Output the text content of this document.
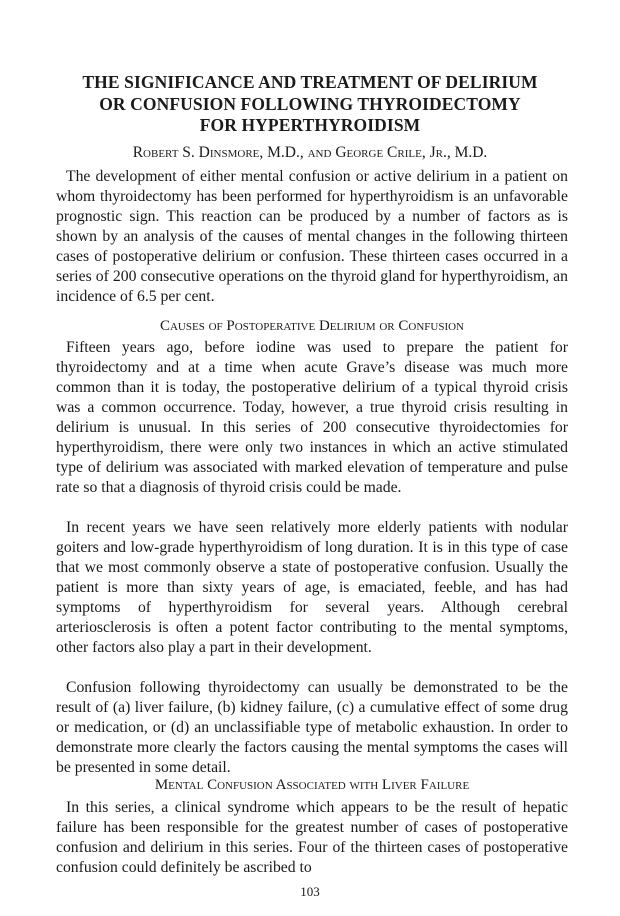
THE SIGNIFICANCE AND TREATMENT OF DELIRIUM
OR CONFUSION FOLLOWING THYROIDECTOMY
FOR HYPERTHYROIDISM
Robert S. Dinsmore, M.D., and George Crile, Jr., M.D.

The development of either mental confusion or active delirium in a patient on whom thyroidectomy has been performed for hyperthyroidism is an unfavorable prognostic sign. This reaction can be produced by a number of factors as is shown by an analysis of the causes of mental changes in the following thirteen cases of postoperative delirium or confusion. These thirteen cases occurred in a series of 200 consecutive operations on the thyroid gland for hyperthyroidism, an incidence of 6.5 per cent.

Causes of Postoperative Delirium or Confusion

Fifteen years ago, before iodine was used to prepare the patient for thyroidectomy and at a time when acute Grave’s disease was much more common than it is today, the postoperative delirium of a typical thyroid crisis was a common occurrence. Today, however, a true thyroid crisis resulting in delirium is unusual. In this series of 200 consecutive thyroidectomies for hyperthyroidism, there were only two instances in which an active stimulated type of delirium was associated with marked elevation of temperature and pulse rate so that a diagnosis of thyroid crisis could be made.

In recent years we have seen relatively more elderly patients with nodular goiters and low-grade hyperthyroidism of long duration. It is in this type of case that we most commonly observe a state of postoperative confusion. Usually the patient is more than sixty years of age, is emaciated, feeble, and has had symptoms of hyperthyroidism for several years. Although cerebral arteriosclerosis is often a potent factor contributing to the mental symptoms, other factors also play a part in their development.

Confusion following thyroidectomy can usually be demonstrated to be the result of (a) liver failure, (b) kidney failure, (c) a cumulative effect of some drug or medication, or (d) an unclassifiable type of metabolic exhaustion. In order to demonstrate more clearly the factors causing the mental symptoms the cases will be presented in some detail.

Mental Confusion Associated with Liver Failure

In this series, a clinical syndrome which appears to be the result of hepatic failure has been responsible for the greatest number of cases of postoperative confusion and delirium in this series. Four of the thirteen cases of postoperative confusion could definitely be ascribed to

103
